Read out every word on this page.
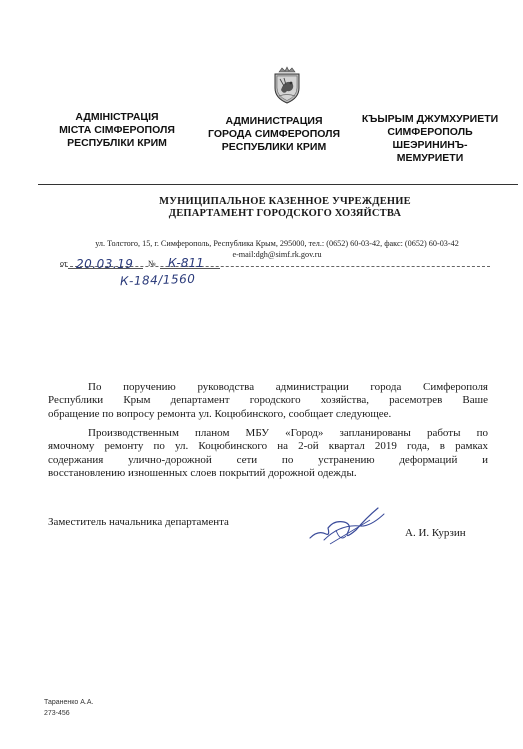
АДМІНІСТРАЦІЯ
МІСТА СІМФЕРОПОЛЯ
РЕСПУБЛІКИ КРИМ
АДМИНИСТРАЦИЯ
ГОРОДА СИМФЕРОПОЛЯ
РЕСПУБЛИКИ КРИМ
КЪЫРЫМ ДЖУМХУРИЕТИ
СИМФЕРОПОЛЬ
ШЕЭРИНИНЪ-
МЕМУРИЕТИ
МУНИЦИПАЛЬНОЕ КАЗЕННОЕ УЧРЕЖДЕНИЕ
ДЕПАРТАМЕНТ ГОРОДСКОГО ХОЗЯЙСТВА
ул. Толстого, 15, г. Симферополь, Республика Крым, 295000, тел.: (0652) 60-03-42, факс: (0652) 60-03-42
e-mail:dgh@simf.rk.gov.ru
от	№
20.03.19	К-811
К-184/1560
По поручению руководства администрации города Симферополя
Республики Крым департамент городского хозяйства, расемотрев Ваше
обращение по вопросу ремонта ул. Коцюбинского, сообщает следующее.
Производственным планом МБУ «Город» запланированы работы по
ямочному ремонту по ул. Коцюбинского на 2-ой квартал 2019 года, в рамках
содержания улично-дорожной сети по устранению деформаций и
восстановлению изношенных слоев покрытий дорожной одежды.
Заместитель начальника департамента
А. И. Курзин
Тараненко А.А.
273-456
